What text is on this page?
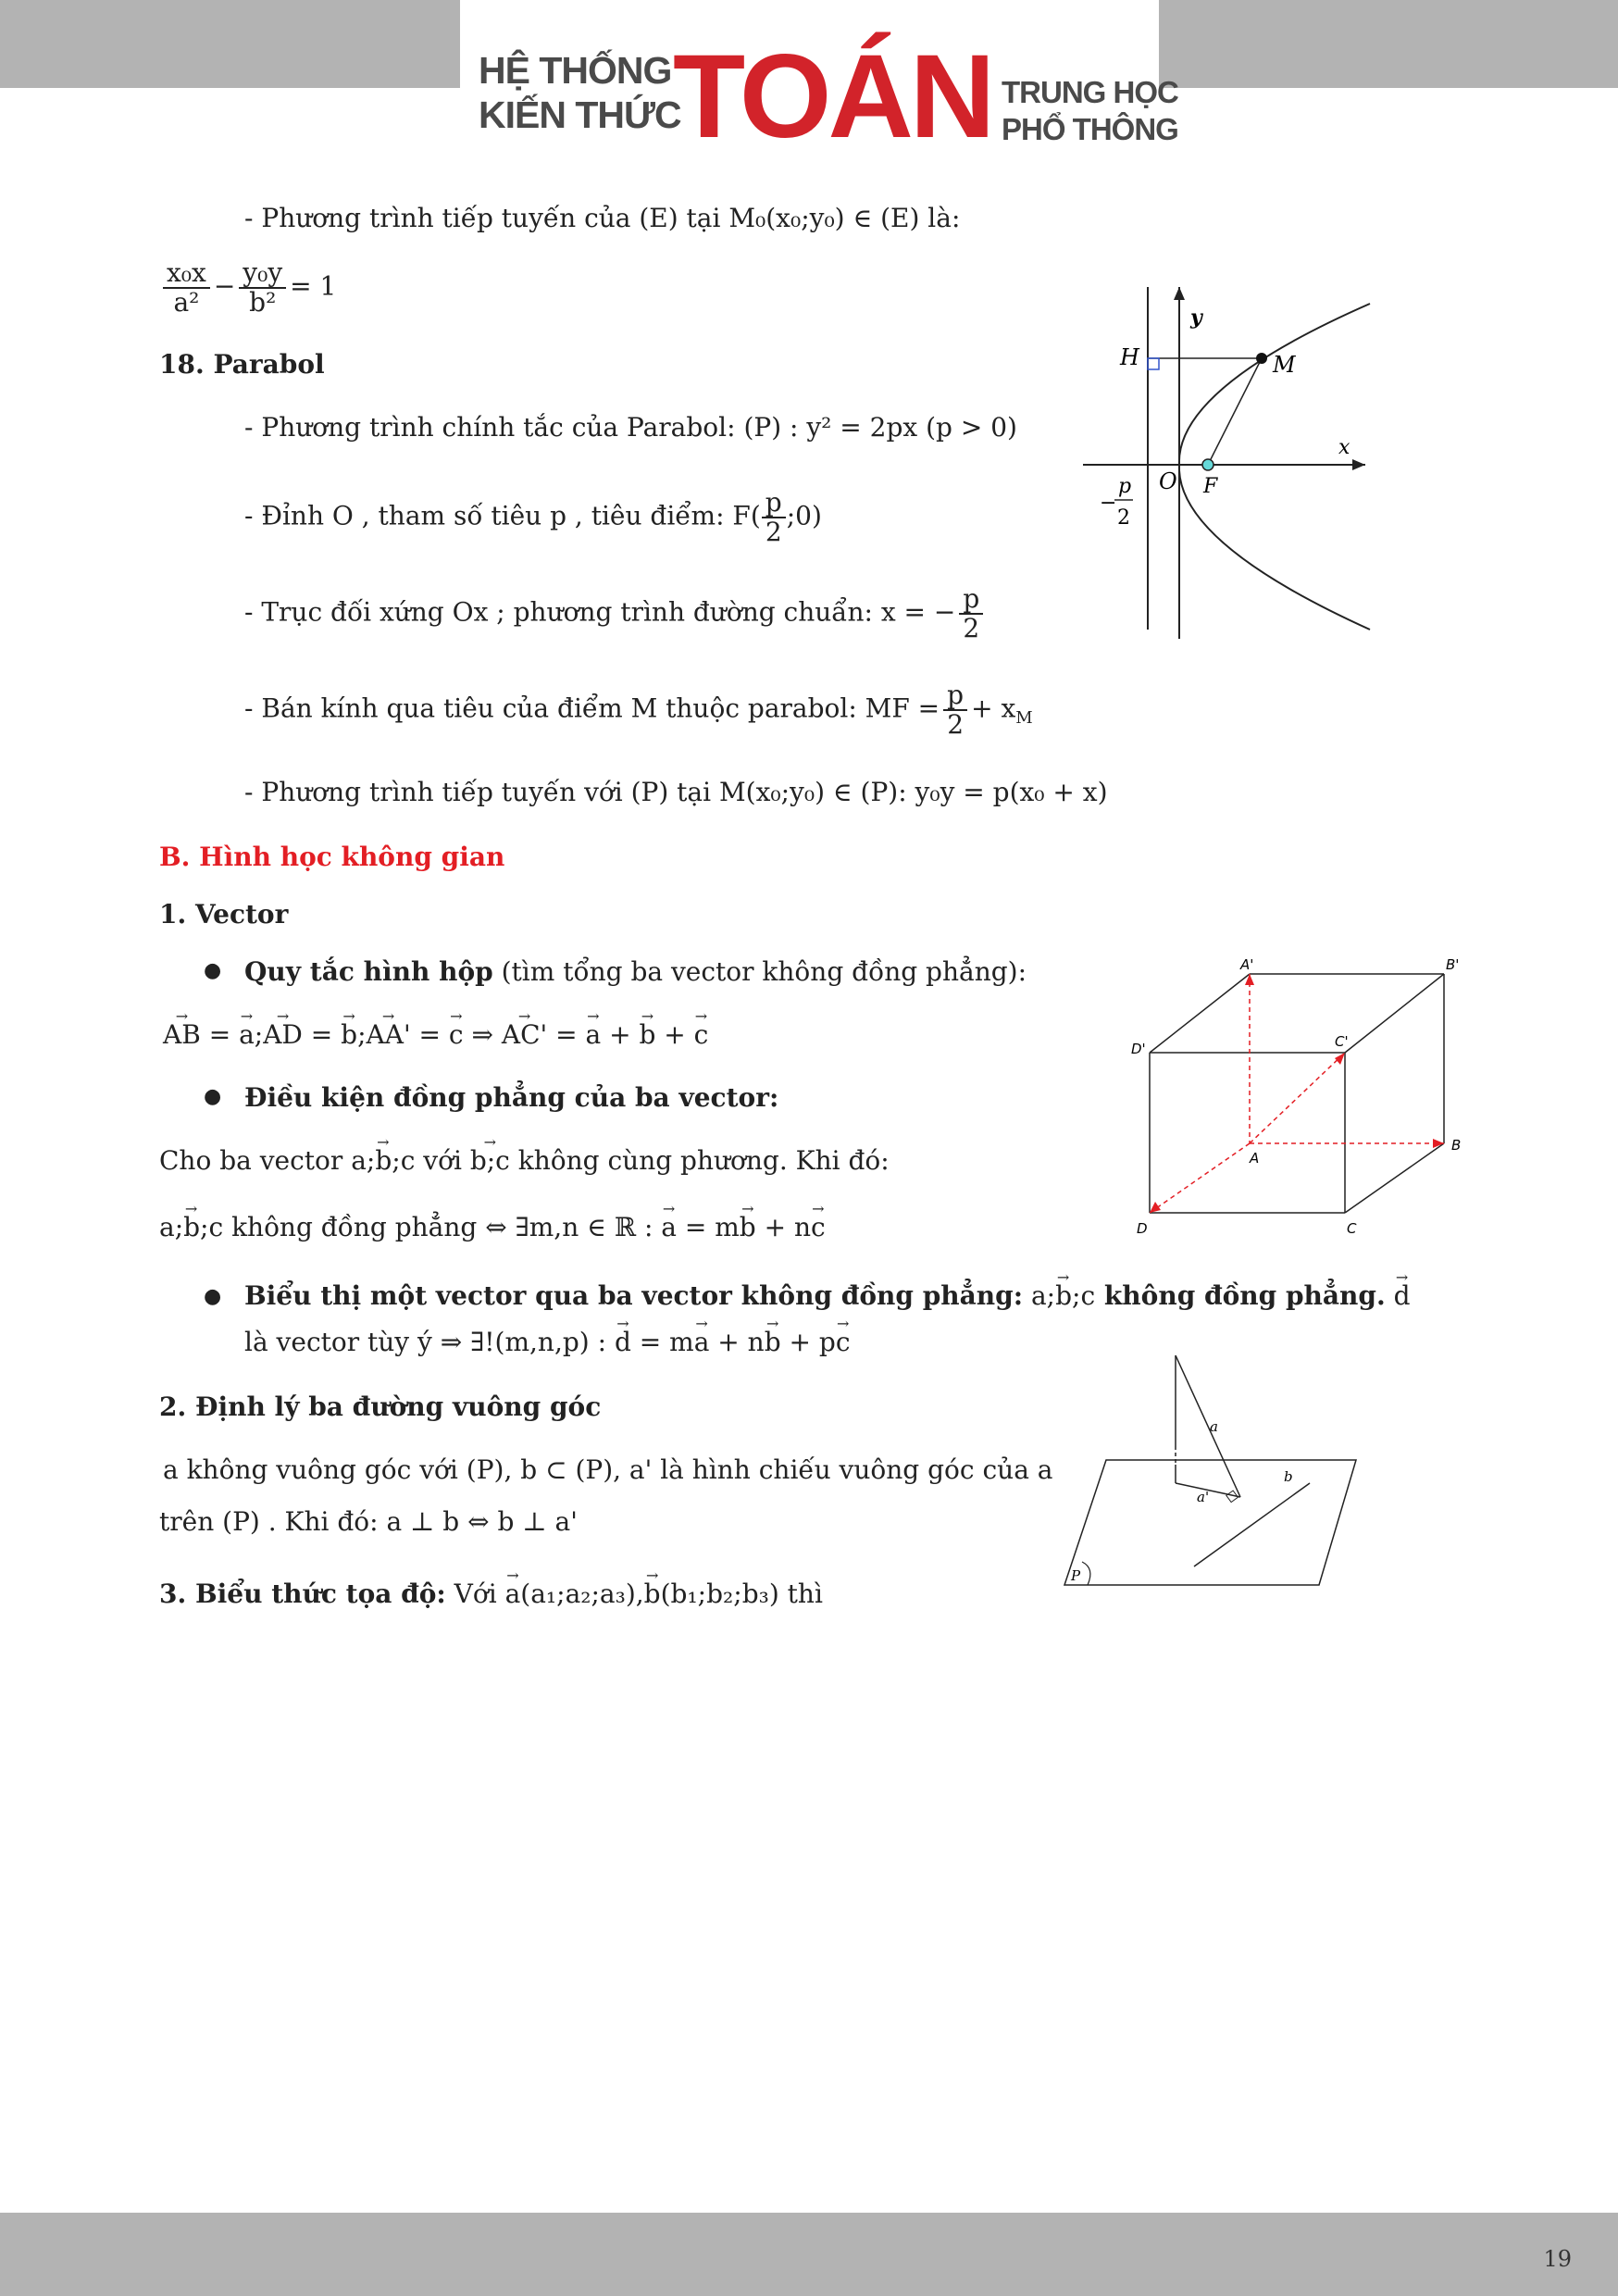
HỆ THỐNG
KIẾN THỨC
TOÁN TRUNG HỌC
PHỔ THÔNG
- Phương trình tiếp tuyến của (E) tại M₀(x₀;y₀) ∈ (E) là:
$\frac{\text{x₀x}}{\text{a²}} - \frac{\text{y₀y}}{\text{b²}} = 1$
18. Parabol
- Phương trình chính tắc của Parabol: (P) : y² = 2px (p > 0)
- Đỉnh O , tham số tiêu p , tiêu điểm: $F( \frac{p}{2}$ ;0)
- Trục đối xứng Ox ; phương trình đường chuẩn: x = − $\frac{p}{2}$
- Bán kính qua tiêu của điểm M thuộc parabol: MF = $\frac{p}{2} + x_M$
- Phương trình tiếp tuyến với (P) tại M(x₀;y₀) ∈ (P): y₀y = p(x₀ + x)
y
x
H	M
O F
−
p
2
B. Hình học không gian
1. Vector
● Quy tắc hình hộp (tìm tổng ba vector không đồng phẳng):
→ AB = → a;→ AD = → b;→ AA' = → c ⇒ → AC' = → a + → b + → c
● Điều kiện đồng phẳng của ba vector:
Cho ba vector → a;b;c với → b;c không cùng phương. Khi đó:
→ a;b;c không đồng phẳng ⇔ ∃m,n ∈ ℝ : → a = m→ b + n→ c
● Biểu thị một vector qua ba vector không đồng phẳng: → a;b;c không đồng phẳng. → d
là vector tùy ý ⇒ ∃!(m,n,p) : → d = m→ a + n→ b + p→ c
A'	B'
C'
D'
A
B
C
D
2. Định lý ba đường vuông góc
a không vuông góc với (P), b ⊂ (P), a' là hình chiếu vuông góc của a
trên (P) . Khi đó: a ⊥ b ⇔ b ⊥ a'
a
a'
b
P
3. Biểu thức tọa độ: Với → a(a₁;a₂;a₃),→ b(b₁;b₂;b₃) thì
19
